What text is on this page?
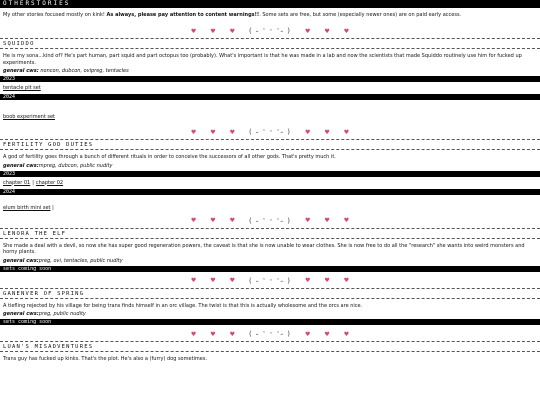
OTHERSTORIES
My other stories focused mostly on kink! As always, please pay attention to content warnings!!. Some sets are free, but some (especially newer ones) are on paid early access.
♥ ♥ ♥ ( ˶ ᵔ ᵕ ᵔ˶ ) ♥ ♥ ♥
SQUIDDO
He is my sona...kind of? He's part human, part squid and part octopus too (probably). What's important is that he was made in a lab and now the scientists that made Squiddo routinely use him for fucked up experiments.
general cws: noncon, dubcon, ovipreg, tentacles
2023
tentacle pit set
2024
boob experiment set
♥ ♥ ♥ ( ˶ ᵔ ᵕ ᵔ˶ ) ♥ ♥ ♥
FERTILITY GOD DUTIES
A god of fertility goes through a bunch of different rituals in order to conceive the successors of all other gods. That's pretty much it.
general cws:mpreg, dubcon, public nudity
2023
chapter 01 | chapter 02
2024
elum birth mini set |
♥ ♥ ♥ ( ˶ ᵔ ᵕ ᵔ˶ ) ♥ ♥ ♥
LENORA THE ELF
She made a deal with a devil, so now she has super good regeneration powers, the caveat is that she is now unable to wear clothes. She is now free to do all the "research" she wants into weird monsters and horny plants.
general cws:preg, ovi, tentacles, public nudity
sets coming soon
♥ ♥ ♥ ( ˶ ᵔ ᵕ ᵔ˶ ) ♥ ♥ ♥
GANENVER OF SPRING
A tiefling rejected by his village for being trans finds himself in an orc village. The twist is that this is actually wholesome and the orcs are nice.
general cws:preg, public nudity
sets coming soon
♥ ♥ ♥ ( ˶ ᵔ ᵕ ᵔ˶ ) ♥ ♥ ♥
LUAN'S MISADVENTURES
Trans guy has fucked up kinks. That's the plot. He's also a (furry) dog sometimes.
